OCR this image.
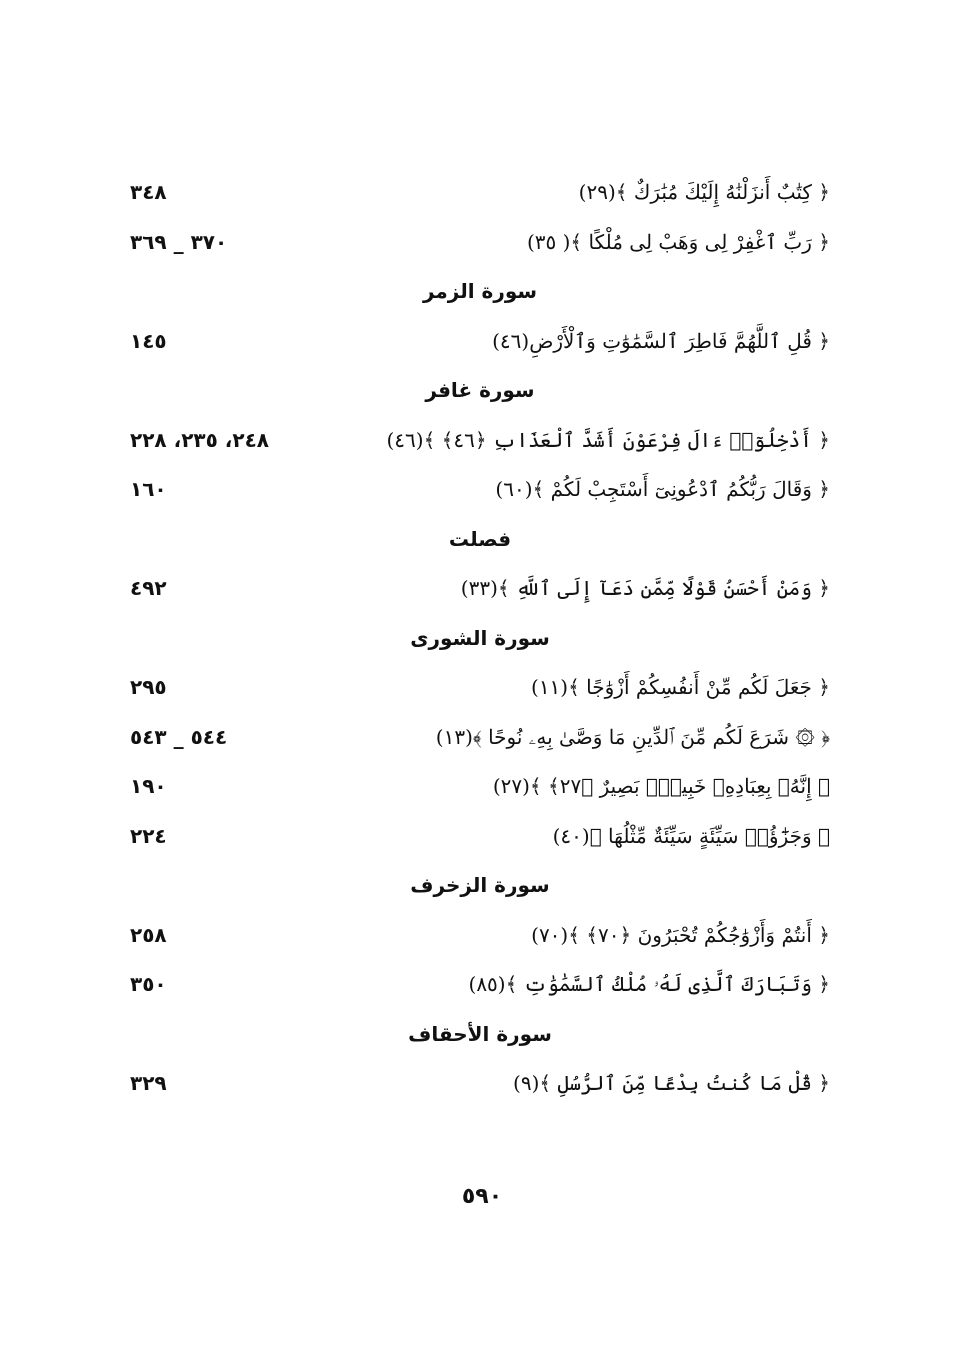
﴿ كِتَٰبٌ أَنزَلْنَٰهُ إِلَيْكَ مُبَٰرَكٌ ﴾(٢٩)
٣٤٨
﴿ رَبِّ ٱغْفِرْ لِى وَهَبْ لِى مُلْكًا ﴾( ٣٥)
٣٧٠ _ ٣٦٩
سورة الزمر
﴿ قُلِ ٱللَّهُمَّ فَاطِرَ ٱلسَّمَٰوَٰتِ وَٱلْأَرْضِ(٤٦)
١٤٥
سورة غافر
﴿ أَدْخِلُوٓا۟ ءَالَ فِرْعَوْنَ أَشَدَّ ٱلْعَذَابِ ﴿٤٦﴾ ﴾(٤٦)
٢٤٨، ٢٣٥، ٢٢٨
﴿ وَقَالَ رَبُّكُمُ ٱدْعُونِىٓ أَسْتَجِبْ لَكُمْ ﴾(٦٠)
١٦٠
فصلت
﴿ وَمَنْ أَحْسَنُ قَوْلًا مِّمَّن دَعَآ إِلَى ٱللَّهِ ﴾(٣٣)
٤٩٢
سورة الشورى
﴿ جَعَلَ لَكُم مِّنْ أَنفُسِكُمْ أَزْوَٰجًا ﴾(١١)
٢٩٥
﴿ ۞ شَرَعَ لَكُم مِّنَ ٱلدِّينِ مَا وَصَّىٰ بِهِۦ نُوحًا ﴾(١٣)
٥٤٤ _ ٥٤٣
﴿ إِنَّهُۥ بِعِبَادِهِۦ خَبِيرٌۢ بَصِيرٌ ﴿٢٧﴾ ﴾(٢٧)
١٩٠
﴿ وَجَزَٰٓؤُا۟ سَيِّئَةٍ سَيِّئَةٌ مِّثْلُهَا ﴾(٤٠)
٢٢٤
سورة الزخرف
﴿ أَنتُمْ وَأَزْوَٰجُكُمْ تُحْبَرُونَ ﴿٧٠﴾ ﴾(٧٠)
٢٥٨
﴿ وَتَبَارَكَ ٱلَّذِى لَهُۥ مُلْكُ ٱلسَّمَٰوَٰتِ ﴾(٨٥)
٣٥٠
سورة الأحقاف
﴿ قُلْ مَا كُنتُ بِدْعًا مِّنَ ٱلرُّسُلِ ﴾(٩)
٣٢٩
٥٩٠
